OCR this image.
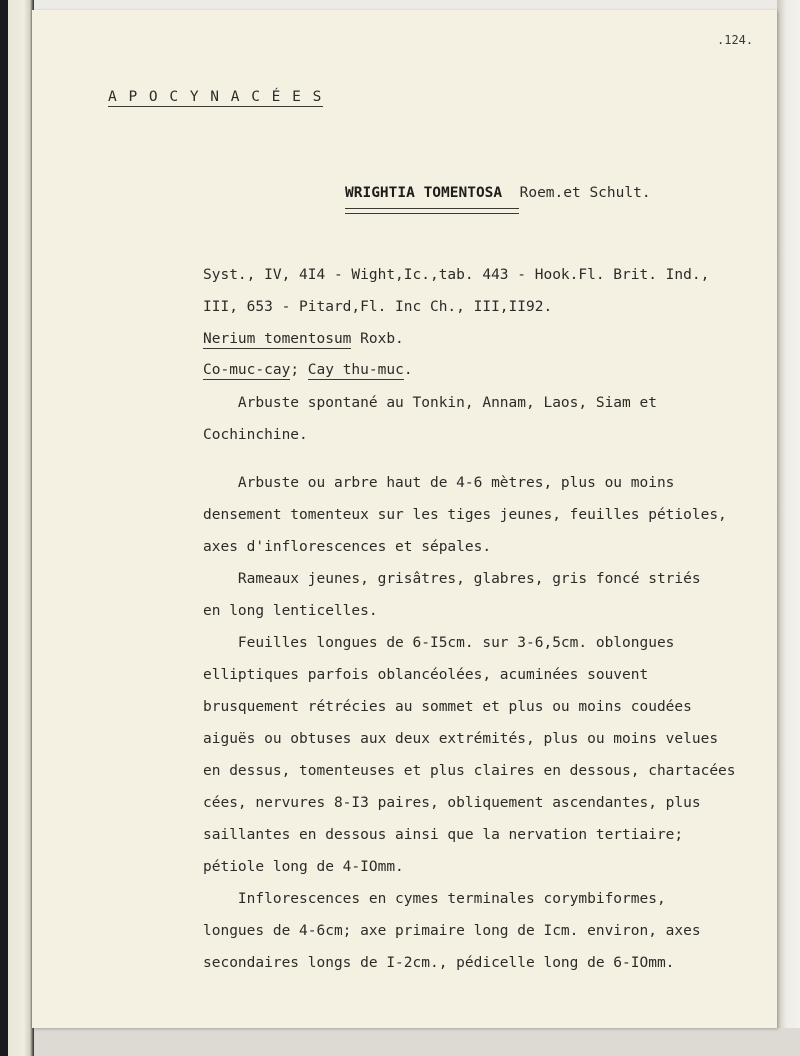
.124.
A P O C Y N A C É E S
WRIGHTIA TOMENTOSA Roem.et Schult.
Syst., IV, 4I4 - Wight,Ic.,tab. 443 - Hook.Fl. Brit. Ind.,
III, 653 - Pitard,Fl. Inc Ch., III,II92.
Nerium tomentosum Roxb.
Co-muc-cay; Cay thu-muc.
Arbuste spontané au Tonkin, Annam, Laos, Siam et
Cochinchine.
Arbuste ou arbre haut de 4-6 mètres, plus ou moins
densement tomenteux sur les tiges jeunes, feuilles pétioles,
axes d'inflorescences et sépales.
Rameaux jeunes, grisâtres, glabres, gris foncé striés
en long lenticelles.
Feuilles longues de 6-I5cm. sur 3-6,5cm. oblongues
elliptiques parfois oblancéolées, acuminées souvent
brusquement rétrécies au sommet et plus ou moins coudées
aiguës ou obtuses aux deux extrémités, plus ou moins velues
en dessus, tomenteuses et plus claires en dessous, chartacées
cées, nervures 8-I3 paires, obliquement ascendantes, plus
saillantes en dessous ainsi que la nervation tertiaire;
pétiole long de 4-IOmm.
Inflorescences en cymes terminales corymbiformes,
longues de 4-6cm; axe primaire long de Icm. environ, axes
secondaires longs de I-2cm., pédicelle long de 6-IOmm.
